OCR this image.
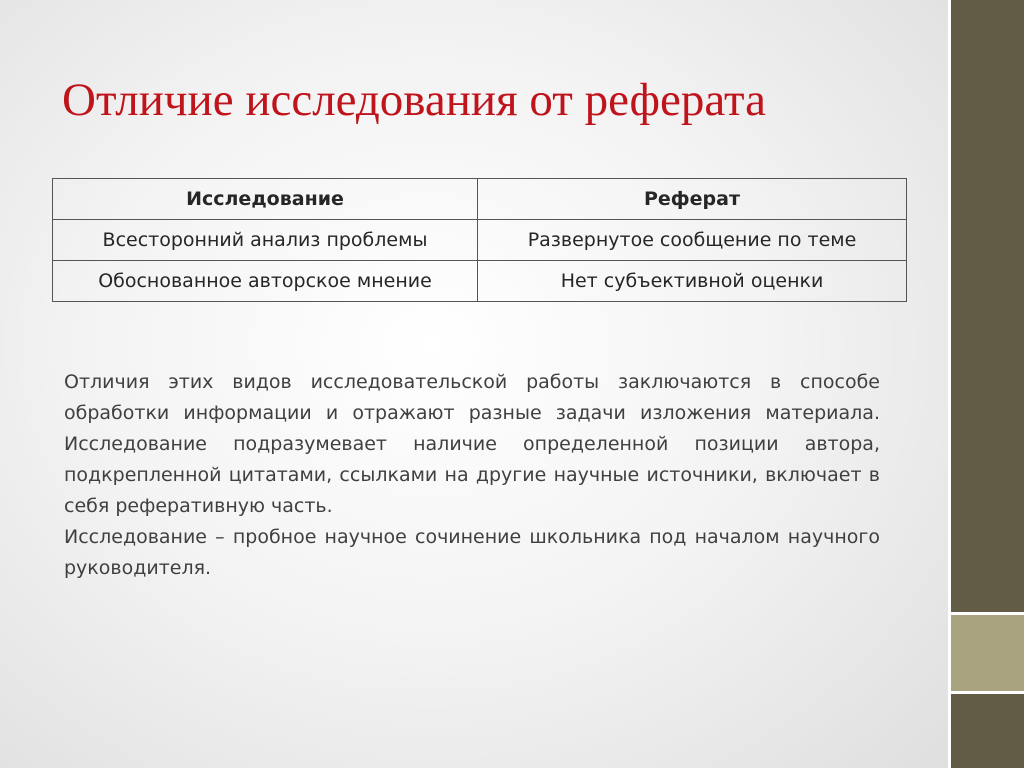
Отличие исследования от реферата
Исследование	Реферат
Всесторонний анализ проблемы	Развернутое сообщение по теме
Обоснованное авторское мнение	Нет субъективной оценки

Отличия этих видов исследовательской работы заключаются в способе обработки информации и отражают разные задачи изложения материала. Исследование подразумевает наличие определенной позиции автора, подкрепленной цитатами, ссылками на другие научные источники, включает в себя реферативную часть.

Исследование – пробное научное сочинение школьника под началом научного руководителя.
